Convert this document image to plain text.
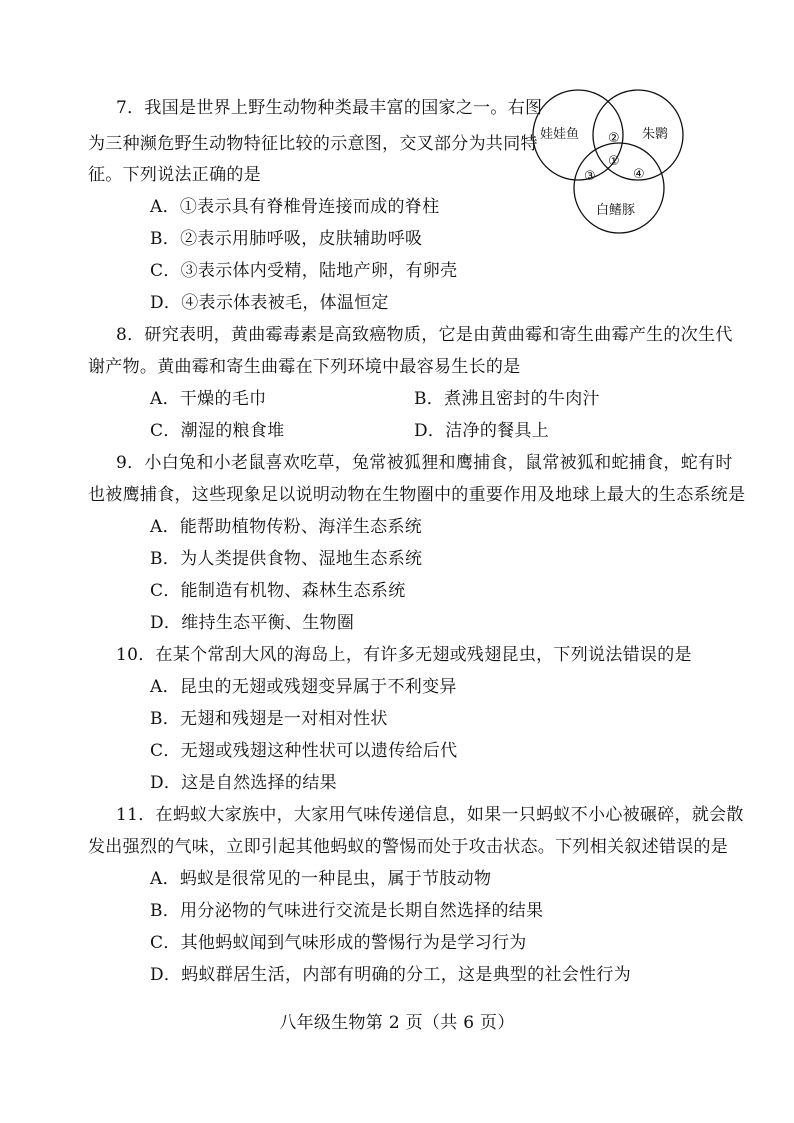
7．我国是世界上野生动物种类最丰富的国家之一。右图
为三种濒危野生动物特征比较的示意图，交叉部分为共同特
征。下列说法正确的是
A．①表示具有脊椎骨连接而成的脊柱
B．②表示用肺呼吸，皮肤辅助呼吸
C．③表示体内受精，陆地产卵，有卵壳
D．④表示体表被毛，体温恒定
娃娃鱼	朱鹮
白鳍豚
②
①
③	④
8．研究表明，黄曲霉毒素是高致癌物质，它是由黄曲霉和寄生曲霉产生的次生代
谢产物。黄曲霉和寄生曲霉在下列环境中最容易生长的是
A．干燥的毛巾	B．煮沸且密封的牛肉汁
C．潮湿的粮食堆	D．洁净的餐具上
9．小白兔和小老鼠喜欢吃草，兔常被狐狸和鹰捕食，鼠常被狐和蛇捕食，蛇有时
也被鹰捕食，这些现象足以说明动物在生物圈中的重要作用及地球上最大的生态系统是
A．能帮助植物传粉、海洋生态系统
B．为人类提供食物、湿地生态系统
C．能制造有机物、森林生态系统
D．维持生态平衡、生物圈
10．在某个常刮大风的海岛上，有许多无翅或残翅昆虫，下列说法错误的是
A．昆虫的无翅或残翅变异属于不利变异
B．无翅和残翅是一对相对性状
C．无翅或残翅这种性状可以遗传给后代
D．这是自然选择的结果
11．在蚂蚁大家族中，大家用气味传递信息，如果一只蚂蚁不小心被碾碎，就会散
发出强烈的气味，立即引起其他蚂蚁的警惕而处于攻击状态。下列相关叙述错误的是
A．蚂蚁是很常见的一种昆虫，属于节肢动物
B．用分泌物的气味进行交流是长期自然选择的结果
C．其他蚂蚁闻到气味形成的警惕行为是学习行为
D．蚂蚁群居生活，内部有明确的分工，这是典型的社会性行为
八年级生物第 2 页（共 6 页）
